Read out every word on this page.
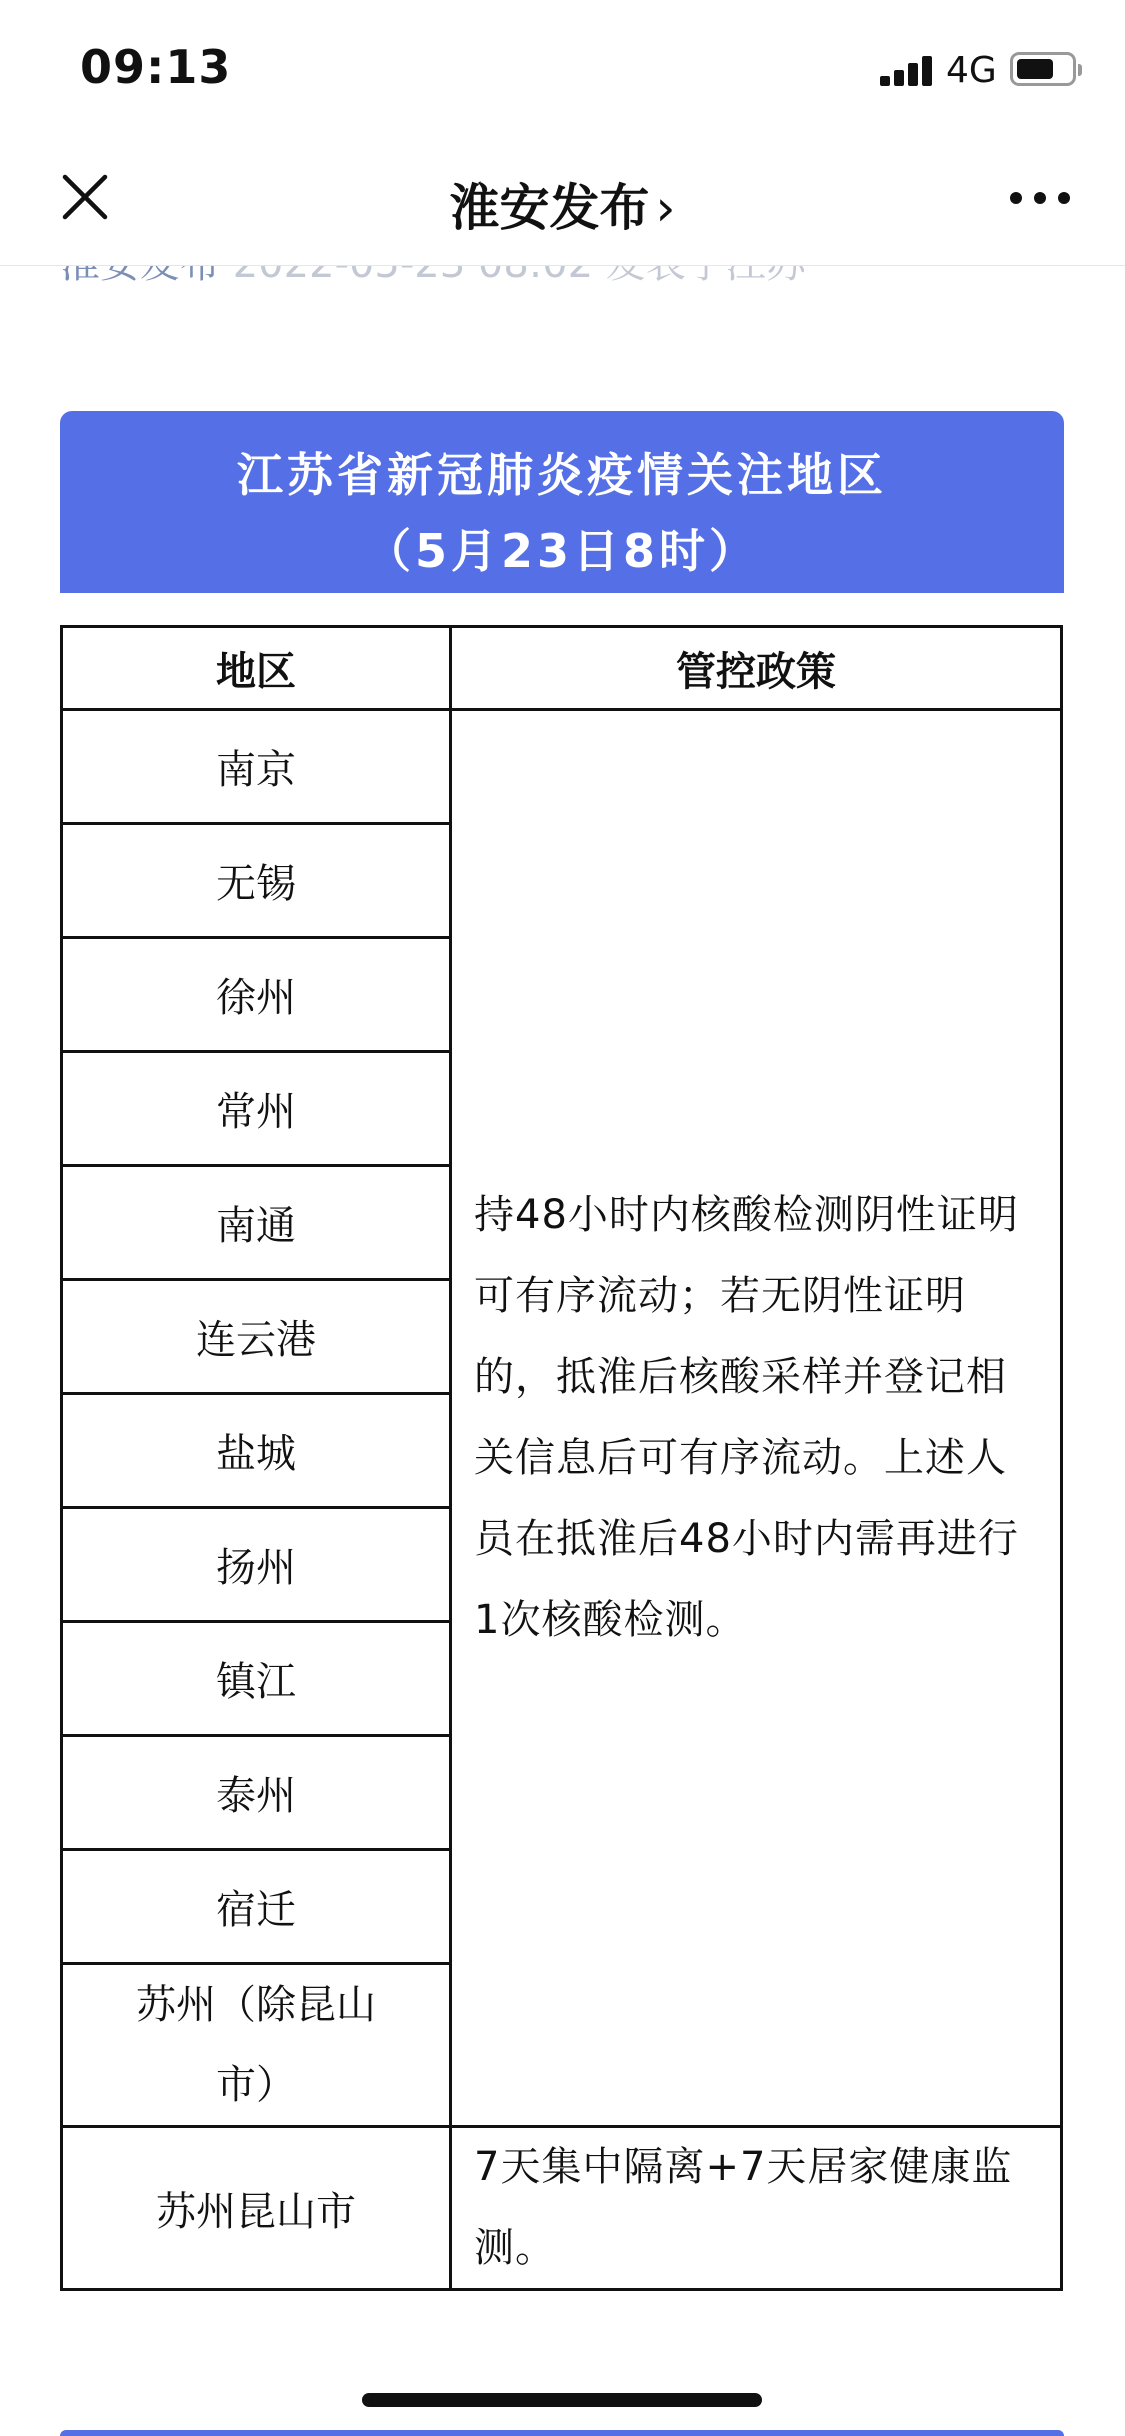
09:13	4G
淮安发布 ›
江苏省新冠肺炎疫情关注地区
（5月23日8时）
地区	管控政策
南京
无锡
徐州
常州
南通
连云港
盐城
扬州
镇江
泰州
宿迁
苏州（除昆山市）
苏州昆山市
持48小时内核酸检测阴性证明可有序流动；若无阴性证明的，抵淮后核酸采样并登记相关信息后可有序流动。上述人员在抵淮后48小时内需再进行1次核酸检测。
7天集中隔离+7天居家健康监测。
